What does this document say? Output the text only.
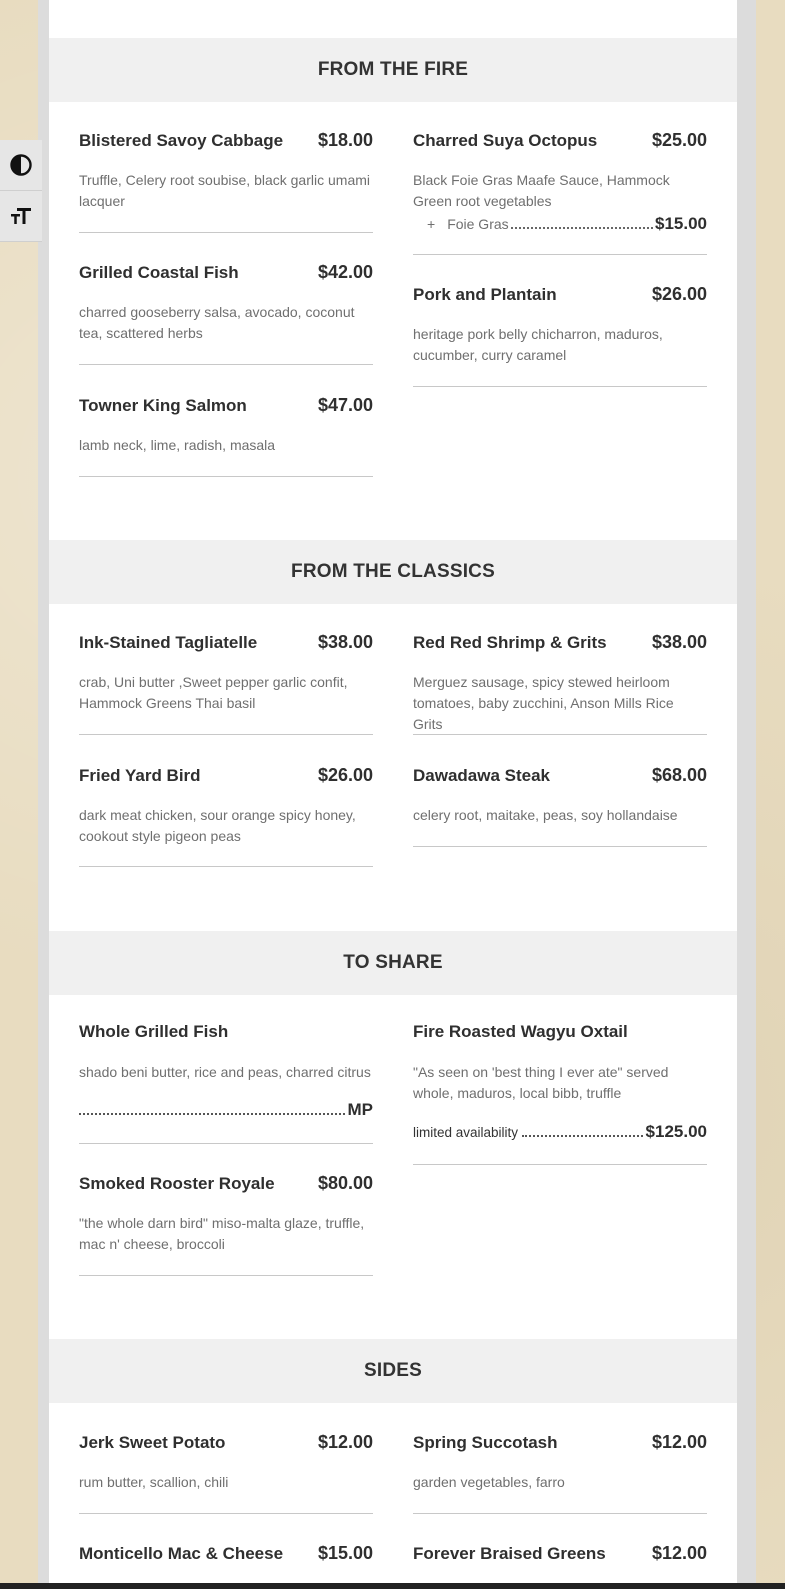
FROM THE FIRE
Blistered Savoy Cabbage $18.00
Truffle, Celery root soubise, black garlic umami lacquer
Charred Suya Octopus	$25.00
Black Foie Gras Maafe Sauce, Hammock Green root vegetables
+ Foie Gras	$15.00
Grilled Coastal Fish	$42.00
charred gooseberry salsa, avocado, coconut tea, scattered herbs
Pork and Plantain	$26.00
heritage pork belly chicharron, maduros, cucumber, curry caramel
Towner King Salmon	$47.00
lamb neck, lime, radish, masala
FROM THE CLASSICS
Ink-Stained Tagliatelle	$38.00
crab, Uni butter ,Sweet pepper garlic confit, Hammock Greens Thai basil
Red Red Shrimp & Grits	$38.00
Merguez sausage, spicy stewed heirloom tomatoes, baby zucchini, Anson Mills Rice Grits
Fried Yard Bird	$26.00
dark meat chicken, sour orange spicy honey, cookout style pigeon peas
Dawadawa Steak	$68.00
celery root, maitake, peas, soy hollandaise
TO SHARE
Whole Grilled Fish
shado beni butter, rice and peas, charred citrus
MP
Fire Roasted Wagyu Oxtail
"As seen on 'best thing I ever ate" served whole, maduros, local bibb, truffle
limited availability	$125.00
Smoked Rooster Royale $80.00
"the whole darn bird" miso-malta glaze, truffle, mac n' cheese, broccoli
SIDES
Jerk Sweet Potato	$12.00
rum butter, scallion, chili
Spring Succotash	$12.00
garden vegetables, farro
Monticello Mac & Cheese $15.00 Forever Braised Greens	$12.00
